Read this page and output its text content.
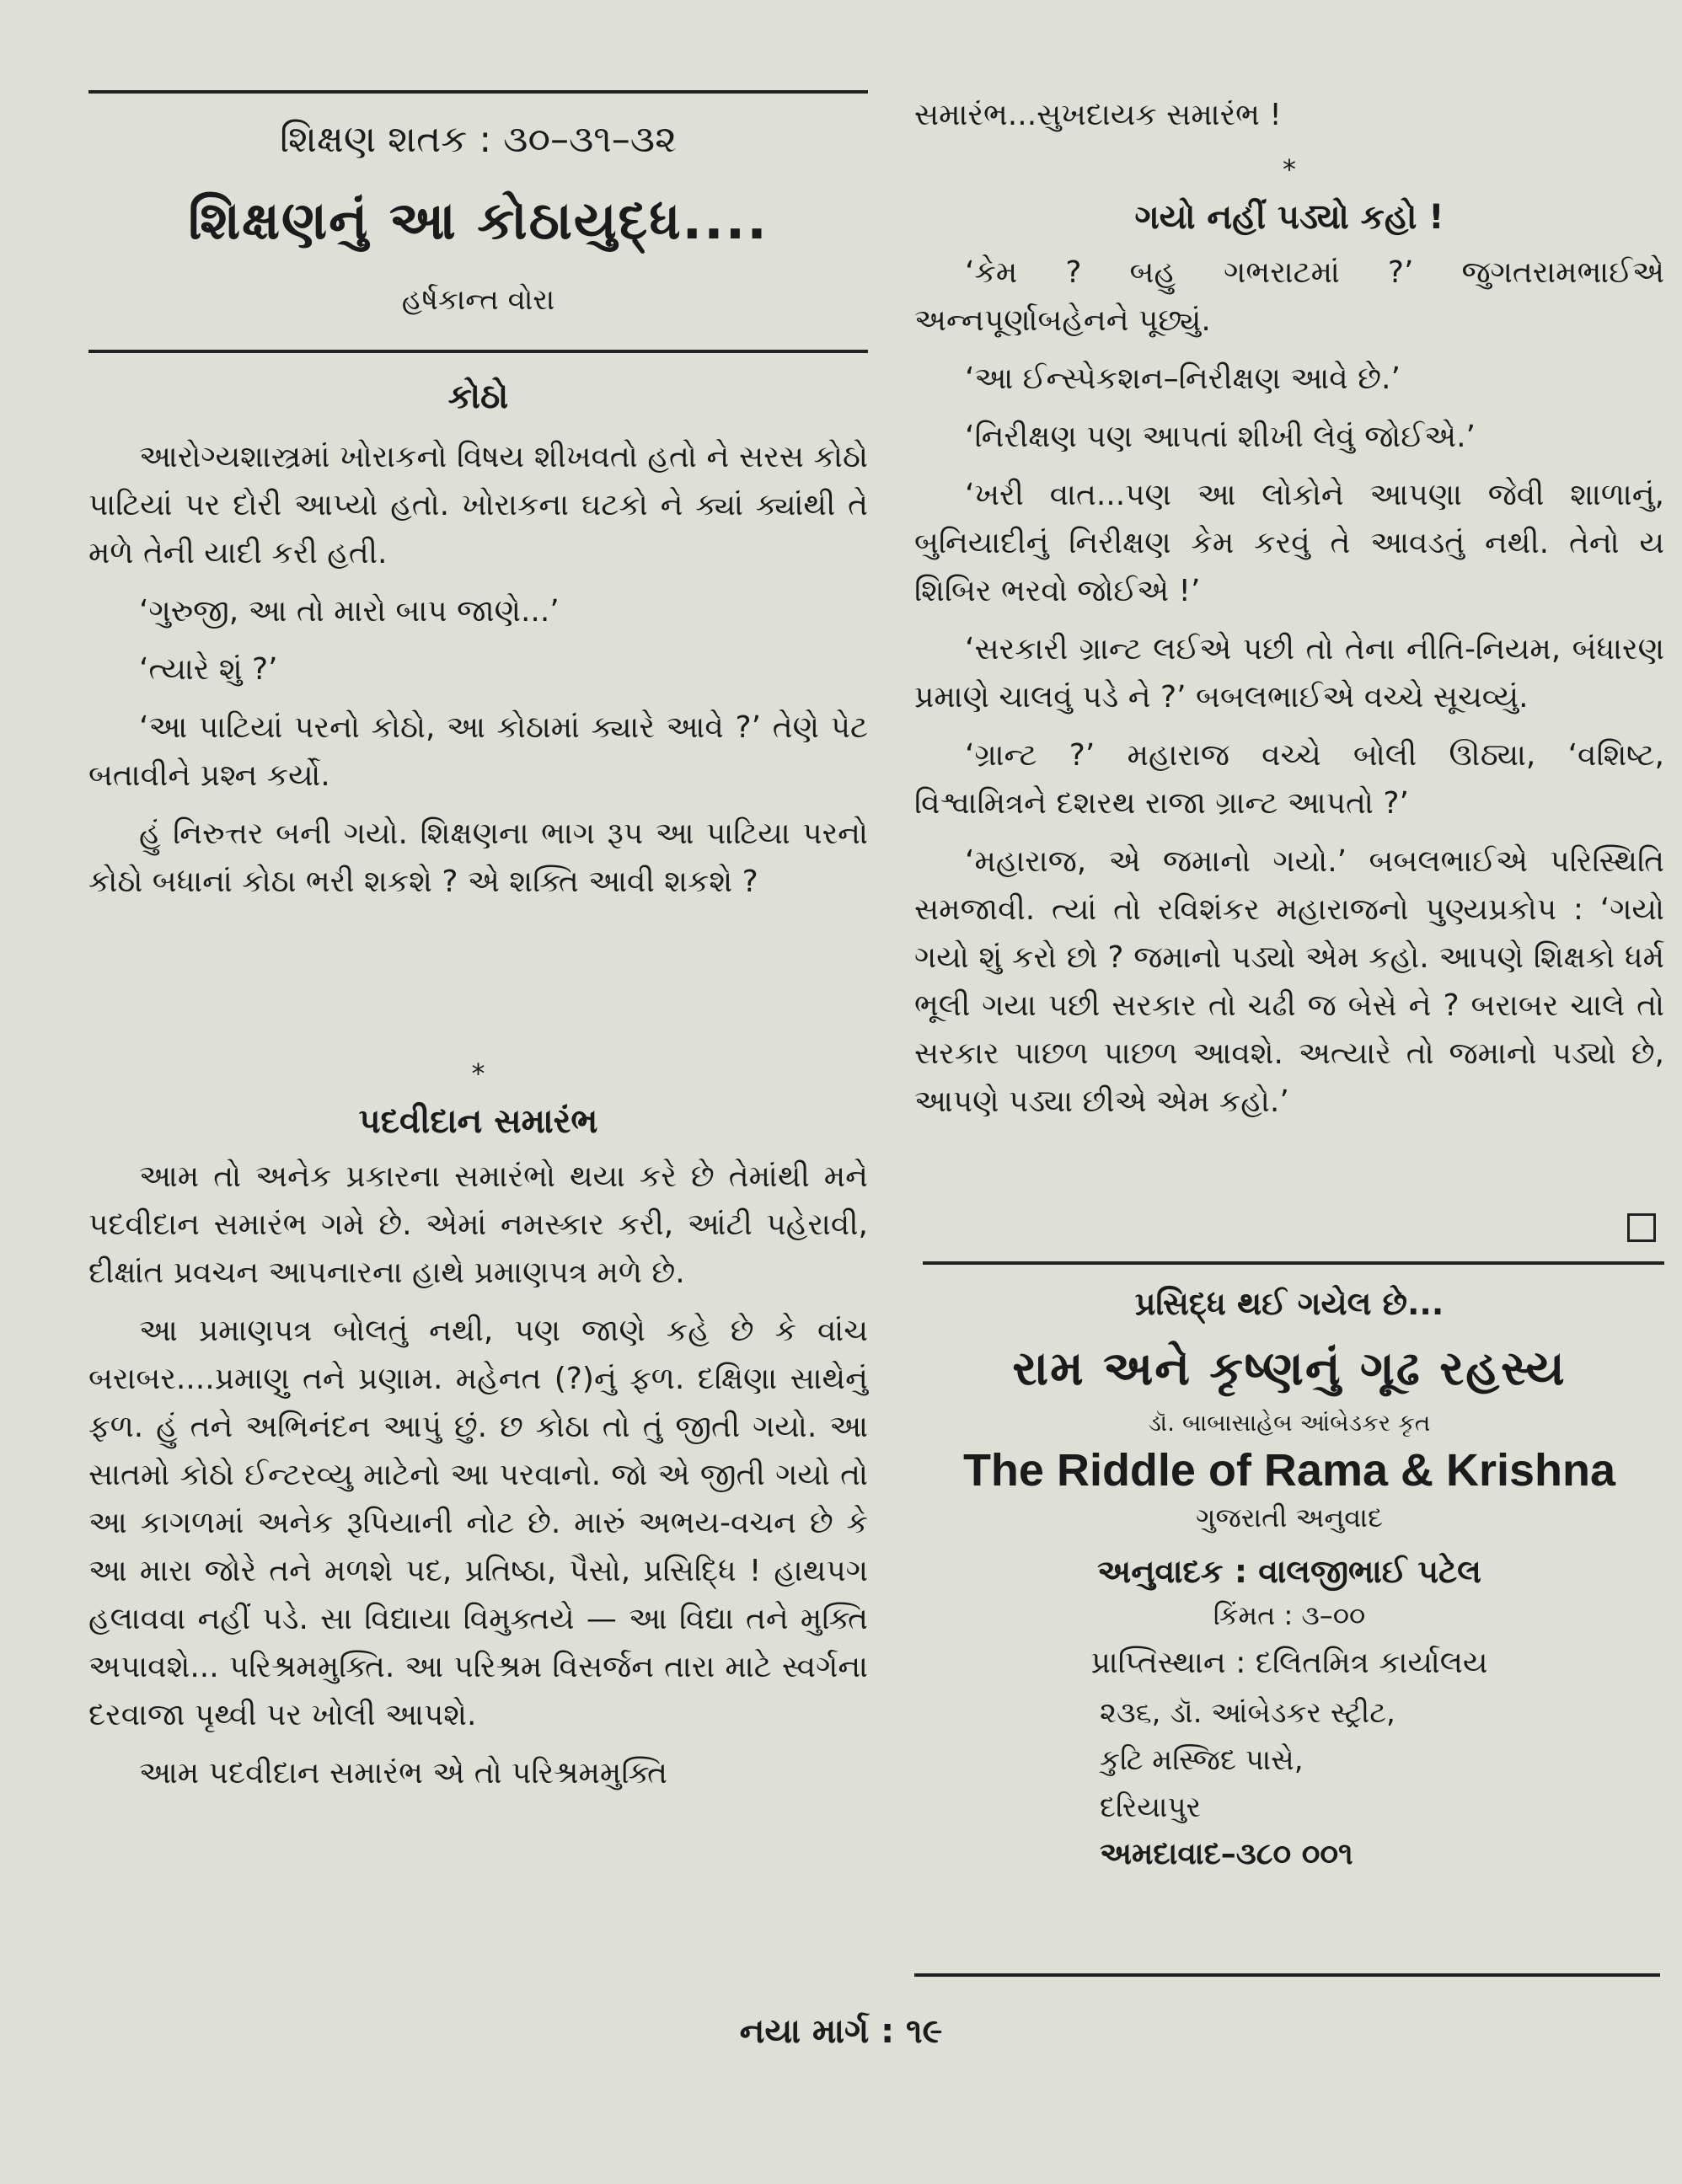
શિક્ષણ શતક : ૩૦–૩૧–૩૨
શિક્ષણનું આ કોઠાયુદ્ધ....
હર્ષકાન્ત વોરા
કોઠો

આરોગ્યશાસ્ત્રમાં ખોરાકનો વિષય શીખવતો હતો ને સરસ કોઠો પાટિયાં પર દોરી આપ્યો હતો. ખોરાકના ઘટકો ને ક્યાં ક્યાંથી તે મળે તેની યાદી કરી હતી.

‘ગુરુજી, આ તો મારો બાપ જાણે...’

‘ત્યારે શું ?’

‘આ પાટિયાં પરનો કોઠો, આ કોઠામાં ક્યારે આવે ?’ તેણે પેટ બતાવીને પ્રશ્ન કર્યો.

હું નિરુત્તર બની ગયો. શિક્ષણના ભાગ રૂપ આ પાટિયા પરનો કોઠો બધાનાં કોઠા ભરી શકશે ? એ શક્તિ આવી શકશે ?

*
પદવીદાન સમારંભ

આમ તો અનેક પ્રકારના સમારંભો થયા કરે છે તેમાંથી મને પદવીદાન સમારંભ ગમે છે. એમાં નમસ્કાર કરી, આંટી પહેરાવી, દીક્ષાંત પ્રવચન આપનારના હાથે પ્રમાણપત્ર મળે છે.

આ પ્રમાણપત્ર બોલતું નથી, પણ જાણે કહે છે કે વાંચ બરાબર....પ્રમાણુ તને પ્રણામ. મહેનત (?)નું ફળ. દક્ષિણા સાથેનું ફળ. હું તને અભિનંદન આપું છું. છ કોઠા તો તું જીતી ગયો. આ સાતમો કોઠો ઈન્ટરવ્યુ માટેનો આ પરવાનો. જો એ જીતી ગયો તો આ કાગળમાં અનેક રૂપિયાની નોટ છે. મારું અભય-વચન છે કે આ મારા જોરે તને મળશે પદ, પ્રતિષ્ઠા, પૈસો, પ્રસિદ્ધિ ! હાથપગ હલાવવા નહીં પડે. સા વિદ્યાયા વિમુક્તયે — આ વિદ્યા તને મુક્તિ અપાવશે... પરિશ્રમમુક્તિ. આ પરિશ્રમ વિસર્જન તારા માટે સ્વર્ગના દરવાજા પૃથ્વી પર ખોલી આપશે.

આમ પદવીદાન સમારંભ એ તો પરિશ્રમમુક્તિ

સમારંભ...સુખદાયક સમારંભ !
*
ગયો નહીં પડ્યો કહો !

‘કેમ ? બહુ ગભરાટમાં ?’ જુગતરામભાઈએ અન્નપૂર્ણાબહેનને પૂછ્યું.

‘આ ઈન્સ્પેકશન–નિરીક્ષણ આવે છે.’

‘નિરીક્ષણ પણ આપતાં શીખી લેવું જોઈએ.’

‘ખરી વાત...પણ આ લોકોને આપણા જેવી શાળાનું, બુનિયાદીનું નિરીક્ષણ કેમ કરવું તે આવડતું નથી. તેનો ય શિબિર ભરવો જોઈએ !’

‘સરકારી ગ્રાન્ટ લઈએ પછી તો તેના નીતિ-નિયમ, બંધારણ પ્રમાણે ચાલવું પડે ને ?’ બબલભાઈએ વચ્ચે સૂચવ્યું.

‘ગ્રાન્ટ ?’ મહારાજ વચ્ચે બોલી ઊઠ્યા, ‘વશિષ્ટ, વિશ્વામિત્રને દશરથ રાજા ગ્રાન્ટ આપતો ?’

‘મહારાજ, એ જમાનો ગયો.’ બબલભાઈએ પરિસ્થિતિ સમજાવી. ત્યાં તો રવિશંકર મહારાજનો પુણ્યપ્રકોપ : ‘ગયો ગયો શું કરો છો ? જમાનો પડ્યો એમ કહો. આપણે શિક્ષકો ધર્મ ભૂલી ગયા પછી સરકાર તો ચઢી જ બેસે ને ? બરાબર ચાલે તો સરકાર પાછળ પાછળ આવશે. અત્યારે તો જમાનો પડ્યો છે, આપણે પડ્યા છીએ એમ કહો.’

પ્રસિદ્ધ થઈ ગયેલ છે...
રામ અને કૃષ્ણનું ગૂઢ રહસ્ય
ડૉ. બાબાસાહેબ આંબેડકર કૃત
The Riddle of Rama & Krishna
ગુજરાતી અનુવાદ
અનુવાદક : વાલજીભાઈ પટેલ
કિંમત : ૩–૦૦
પ્રાપ્તિસ્થાન : દલિતમિત્ર કાર્યાલય
૨૩૬, ડૉ. આંબેડકર સ્ટ્રીટ,
કુટિ મસ્જિદ પાસે,
દરિયાપુર
અમદાવાદ–૩૮૦ ૦૦૧
નયા માર્ગ : ૧૯
